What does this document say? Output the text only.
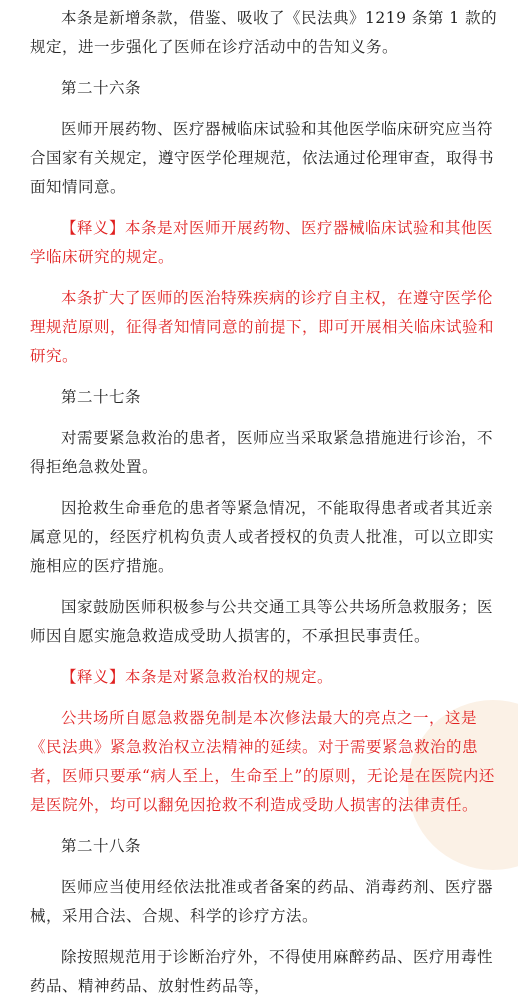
本条是新增条款，借鉴、吸收了《民法典》1219 条第 1 款的规定，进一步强化了医师在诊疗活动中的告知义务。

第二十六条

医师开展药物、医疗器械临床试验和其他医学临床研究应当符合国家有关规定，遵守医学伦理规范，依法通过伦理审查，取得书面知情同意。

【释义】本条是对医师开展药物、医疗器械临床试验和其他医学临床研究的规定。

本条扩大了医师的医治特殊疾病的诊疗自主权，在遵守医学伦理规范原则，征得者知情同意的前提下，即可开展相关临床试验和研究。

第二十七条

对需要紧急救治的患者，医师应当采取紧急措施进行诊治，不得拒绝急救处置。

因抢救生命垂危的患者等紧急情况，不能取得患者或者其近亲属意见的，经医疗机构负责人或者授权的负责人批准，可以立即实施相应的医疗措施。

国家鼓励医师积极参与公共交通工具等公共场所急救服务；医师因自愿实施急救造成受助人损害的，不承担民事责任。

【释义】本条是对紧急救治权的规定。

公共场所自愿急救器免制是本次修法最大的亮点之一，这是《民法典》紧急救治权立法精神的延续。对于需要紧急救治的患者，医师只要承“病人至上，生命至上”的原则，无论是在医院内还是医院外，均可以翻免因抢救不利造成受助人损害的法律责任。

第二十八条

医师应当使用经依法批准或者备案的药品、消毒药剂、医疗器械，采用合法、合规、科学的诊疗方法。

除按照规范用于诊断治疗外，不得使用麻醉药品、医疗用毒性药品、精神药品、放射性药品等，
